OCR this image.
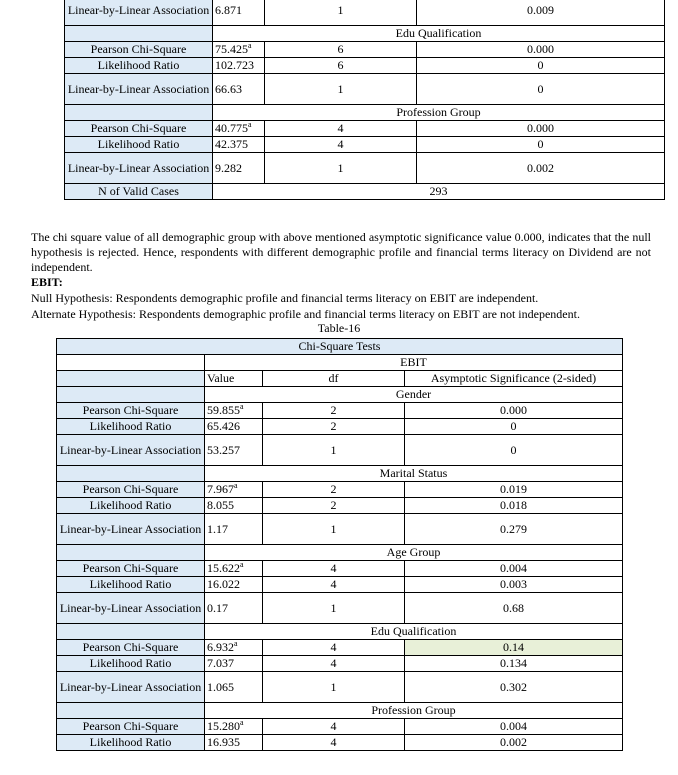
Linear-by-Linear Association	6.871	1	0.009
	Edu Qualification		
Pearson Chi-Square	75.425$^a$	6	0.000
Likelihood Ratio	102.723	6	0
Linear-by-Linear Association	66.63	1	0
	Profession Group		
Pearson Chi-Square	40.775$^a$	4	0.000
Likelihood Ratio	42.375	4	0
Linear-by-Linear Association	9.282	1	0.002
N of Valid Cases	293		

The chi square value of all demographic group with above mentioned asymptotic significance value 0.000, indicates that the null hypothesis is rejected. Hence, respondents with different demographic profile and financial terms literacy on Dividend are not independent.

EBIT:

Null Hypothesis: Respondents demographic profile and financial terms literacy on EBIT are independent.

Alternate Hypothesis: Respondents demographic profile and financial terms literacy on EBIT are not independent.

Table-16
Chi-Square Tests			
	EBIT		
	Value	df	Asymptotic Significance (2-sided)
	Gender		
Pearson Chi-Square	59.855$^a$	2	0.000
Likelihood Ratio	65.426	2	0
Linear-by-Linear Association	53.257	1	0
	Marital Status		
Pearson Chi-Square	7.967$^a$	2	0.019
Likelihood Ratio	8.055	2	0.018
Linear-by-Linear Association	1.17	1	0.279
	Age Group		
Pearson Chi-Square	15.622$^a$	4	0.004
Likelihood Ratio	16.022	4	0.003
Linear-by-Linear Association	0.17	1	0.68
	Edu Qualification		
Pearson Chi-Square	6.932$^a$	4	0.14
Likelihood Ratio	7.037	4	0.134
Linear-by-Linear Association	1.065	1	0.302
	Profession Group		
Pearson Chi-Square	15.280$^a$	4	0.004
Likelihood Ratio	16.935	4	0.002
